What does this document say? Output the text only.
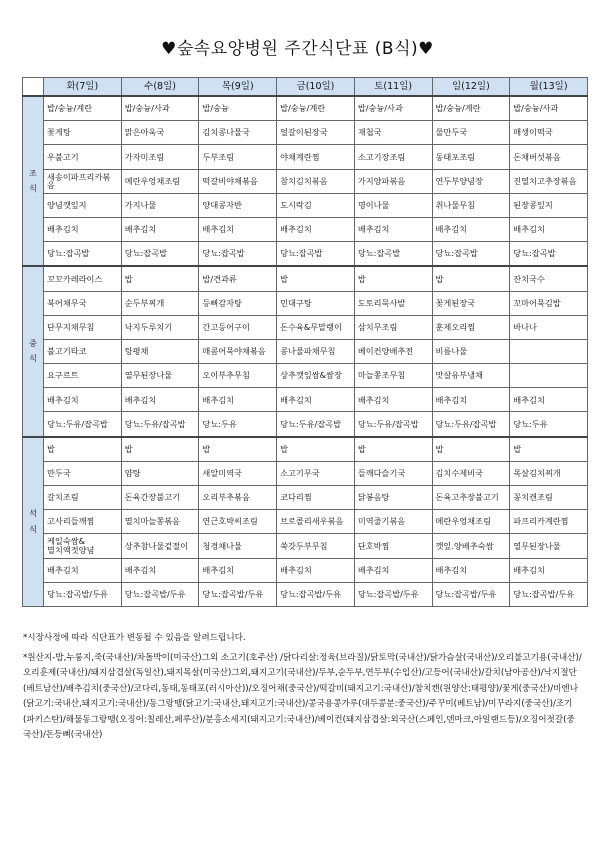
♥숲속요양병원 주간식단표 (B식)♥
	화(7일)	수(8일)	목(9일)	금(10일)	토(11일)	일(12일)	월(13일)

조
식	밥/숭늉/계란	밥/숭늉/사과	밥/숭늉	밥/숭늉/계란	밥/숭늉/사과	밥/숭늉/계란	밥/숭늉/사과
	꽃게탕	맑은아욱국	김치콩나물국	얼갈이된장국	재첩국	물만두국	매생이떡국
	우불고기	가자미조림	두부조림	야채계란찜	소고기장조림	동태포조림	돈채버섯볶음
	새송이파프리카볶음	메란우엉채조림	떡갈비야채볶음	참치김치볶음	가지양파볶음	연두부양념장	진열치고추장볶음
	양념깻잎지	가지나물	양대콩자반	도시락김	명이나물	취나물무침	된장콩잎지
	배추김치	배추김치	배추김치	배추김치	배추김치	배추김치	배추김치
	당뇨:잡곡밥	당뇨:잡곡밥	당뇨:잡곡밥	당뇨:잡곡밥	당뇨:잡곡밥	당뇨:잡곡밥	당뇨:잡곡밥

중
식	꼬꼬카레라이스	밥	밥/견과류	밥	밥	밥	잔치국수
	북어채무국	순두부찌개	등뼈감자탕	민대구탕	도토리묵사발	꽃게된장국	꼬마어묵김밥
	단무지채무침	낙지두루치기	간고등어구이	돈수육&무말랭이	삼치무조림	훈제오리찜	바나나
	불고기타코	탕평채	매콤어묵야채볶음	콩나물파채무침	베이컨양배추전	비름나물	
	요구르트	열무된장나물	오이부추무침	상추깻잎쌈&쌈장	마늘쫑조무침	맛살유부냉채	
	배추김치	배추김치	배추김치	배추김치	배추김치	배추김치	배추김치
	당뇨:두유/잡곡밥	당뇨:두유/잡곡밥	당뇨:두유	당뇨:두유/잡곡밥	당뇨:두유/잡곡밥	당뇨:두유/잡곡밥	당뇨:두유

석
식	밥	밥	밥	밥	밥	밥	밥
	만두국	얌탕	새알미역국	소고기무국	들깨다슬기국	김치수제비국	목살김치찌개
	갈치조림	돈육간장불고기	오리부추볶음	코다리찜	닭봉음탕	돈육고추장불고기	꽁치캔조림
	고사리들깨찜	멸치마늘쫑볶음	연근호박씨조림	브로콜리새우볶음	미역줄기볶음	메란우엉채조림	파프리카계란찜
	케일숙쌈&멸치액젓양념	상추참나물겉절이	청경채나물	쑥갓두부무침	단호박찜	깻잎.양배추숙쌈	열무된장나물
	배추김치	배추김치	배추김치	배추김치	배추김치	배추김치	배추김치
	당뇨:잡곡밥/두유	당뇨:잡곡밥/두유	당뇨:잡곡밥/두유	당뇨:잡곡밥/두유	당뇨:잡곡밥/두유	당뇨:잡곡밥/두유	당뇨:잡곡밥/두유

*시장사정에 따라 식단표가 변동될 수 있음을 알려드립니다.

*원산지-밥,누룽지,죽(국내산)/차돌박이(미국산)그외 소고기(호주산) /닭다리살:정육(브라질)/닭토막(국내산)/닭가슴살(국내산)/오리불고기용(국내산)/오리훈제(국내산)/돼지삼겹살(독일산),돼지목살(미국산)그외,돼지고기(국내산)/두부,순두부,연두부(수입산)/고등어(국내산)/갈치(남아공산)/낙지절단(베트남산)/배추김치(중국산)/코다리,동태,동태포(러시아산))/오징어채(중국산)/떡갈비(돼지고기:국내산)/참치캔(원양산:태평양)/꽃게(중국산)/비엔나(닭고기:국내산,돼지고기:국내산)/동그랑땡(닭고기:국내산,돼지고기:국내산)/콩국용콩가루(대두콩분:중국산)/주꾸미(베트남)/미꾸라지(중국산)/조기(파키스탄)/해물동그랑땡(오징어:칠레산,페루산)/분홍소세지(돼지고기:국내산)/베이컨(돼지삼겹살:외국산(스페인,덴마크,아일랜드등)/오징어젓갈(중국산)/돈등뼈(국내산)
